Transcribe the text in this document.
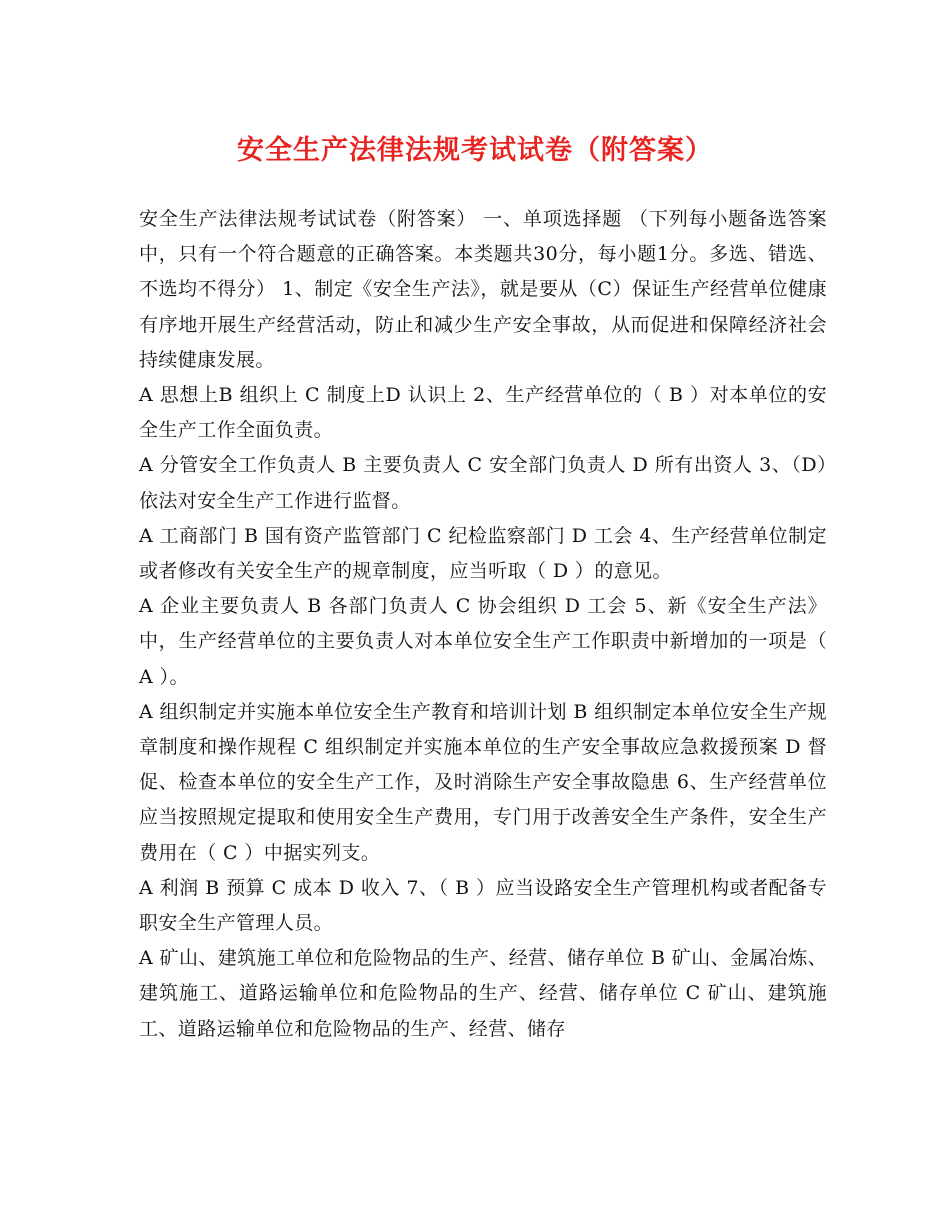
安全生产法律法规考试试卷（附答案）

安全生产法律法规考试试卷（附答案） 一、单项选择题 （下列每小题备选答案中，只有一个符合题意的正确答案。本类题共30分，每小题1分。多选、错选、不选均不得分） 1、制定《安全生产法》，就是要从（C）保证生产经营单位健康有序地开展生产经营活动，防止和减少生产安全事故，从而促进和保障经济社会持续健康发展。

A 思想上B 组织上 C 制度上D 认识上 2、生产经营单位的（ B ）对本单位的安全生产工作全面负责。

A 分管安全工作负责人 B 主要负责人 C 安全部门负责人 D 所有出资人 3、（D）依法对安全生产工作进行监督。

A 工商部门 B 国有资产监管部门 C 纪检监察部门 D 工会 4、生产经营单位制定或者修改有关安全生产的规章制度，应当听取（ D ）的意见。

A 企业主要负责人 B 各部门负责人 C 协会组织 D 工会 5、新《安全生产法》中，生产经营单位的主要负责人对本单位安全生产工作职责中新增加的一项是（ A ）。

A 组织制定并实施本单位安全生产教育和培训计划 B 组织制定本单位安全生产规章制度和操作规程 C 组织制定并实施本单位的生产安全事故应急救援预案 D 督促、检查本单位的安全生产工作，及时消除生产安全事故隐患 6、生产经营单位应当按照规定提取和使用安全生产费用，专门用于改善安全生产条件，安全生产费用在（ C ）中据实列支。

A 利润 B 预算 C 成本 D 收入 7、（ B ）应当设路安全生产管理机构或者配备专职安全生产管理人员。

A 矿山、建筑施工单位和危险物品的生产、经营、储存单位 B 矿山、金属冶炼、建筑施工、道路运输单位和危险物品的生产、经营、储存单位 C 矿山、建筑施工、道路运输单位和危险物品的生产、经营、储存
